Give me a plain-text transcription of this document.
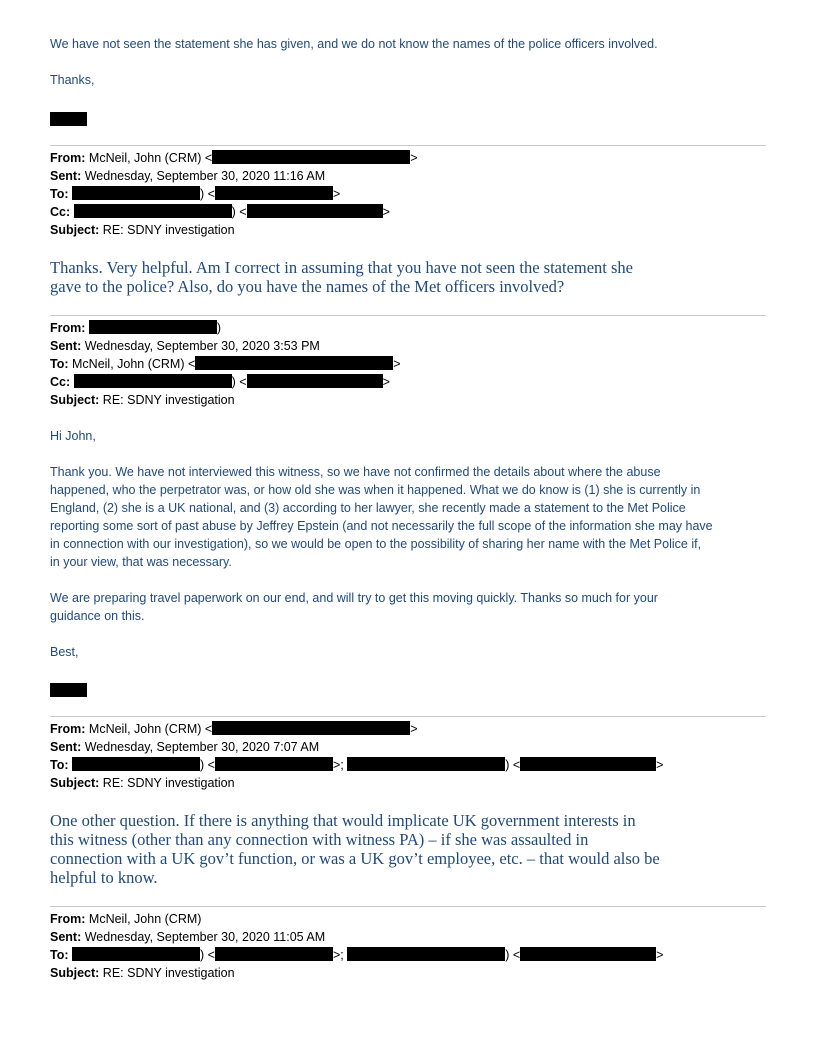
We have not seen the statement she has given, and we do not know the names of the police officers involved.
Thanks,
From: McNeil, John (CRM) <	>
Sent: Wednesday, September 30, 2020 11:16 AM
To:	) <	>
Cc:	) <	>
Subject: RE: SDNY investigation
Thanks. Very helpful. Am I correct in assuming that you have not seen the statement she
gave to the police? Also, do you have the names of the Met officers involved?
From:	)
Sent: Wednesday, September 30, 2020 3:53 PM
To: McNeil, John (CRM) <	>
Cc:	) <	>
Subject: RE: SDNY investigation
Hi John,
Thank you. We have not interviewed this witness, so we have not confirmed the details about where the abuse
happened, who the perpetrator was, or how old she was when it happened. What we do know is (1) she is currently in
England, (2) she is a UK national, and (3) according to her lawyer, she recently made a statement to the Met Police
reporting some sort of past abuse by Jeffrey Epstein (and not necessarily the full scope of the information she may have
in connection with our investigation), so we would be open to the possibility of sharing her name with the Met Police if,
in your view, that was necessary.
We are preparing travel paperwork on our end, and will try to get this moving quickly. Thanks so much for your
guidance on this.
Best,
From: McNeil, John (CRM) <	>
Sent: Wednesday, September 30, 2020 7:07 AM
To:	) <	>;	) <	>
Subject: RE: SDNY investigation
One other question. If there is anything that would implicate UK government interests in
this witness (other than any connection with witness PA) – if she was assaulted in
connection with a UK gov’t function, or was a UK gov’t employee, etc. – that would also be
helpful to know.
From: McNeil, John (CRM)
Sent: Wednesday, September 30, 2020 11:05 AM
To:	) <	>;	) <	>
Subject: RE: SDNY investigation
